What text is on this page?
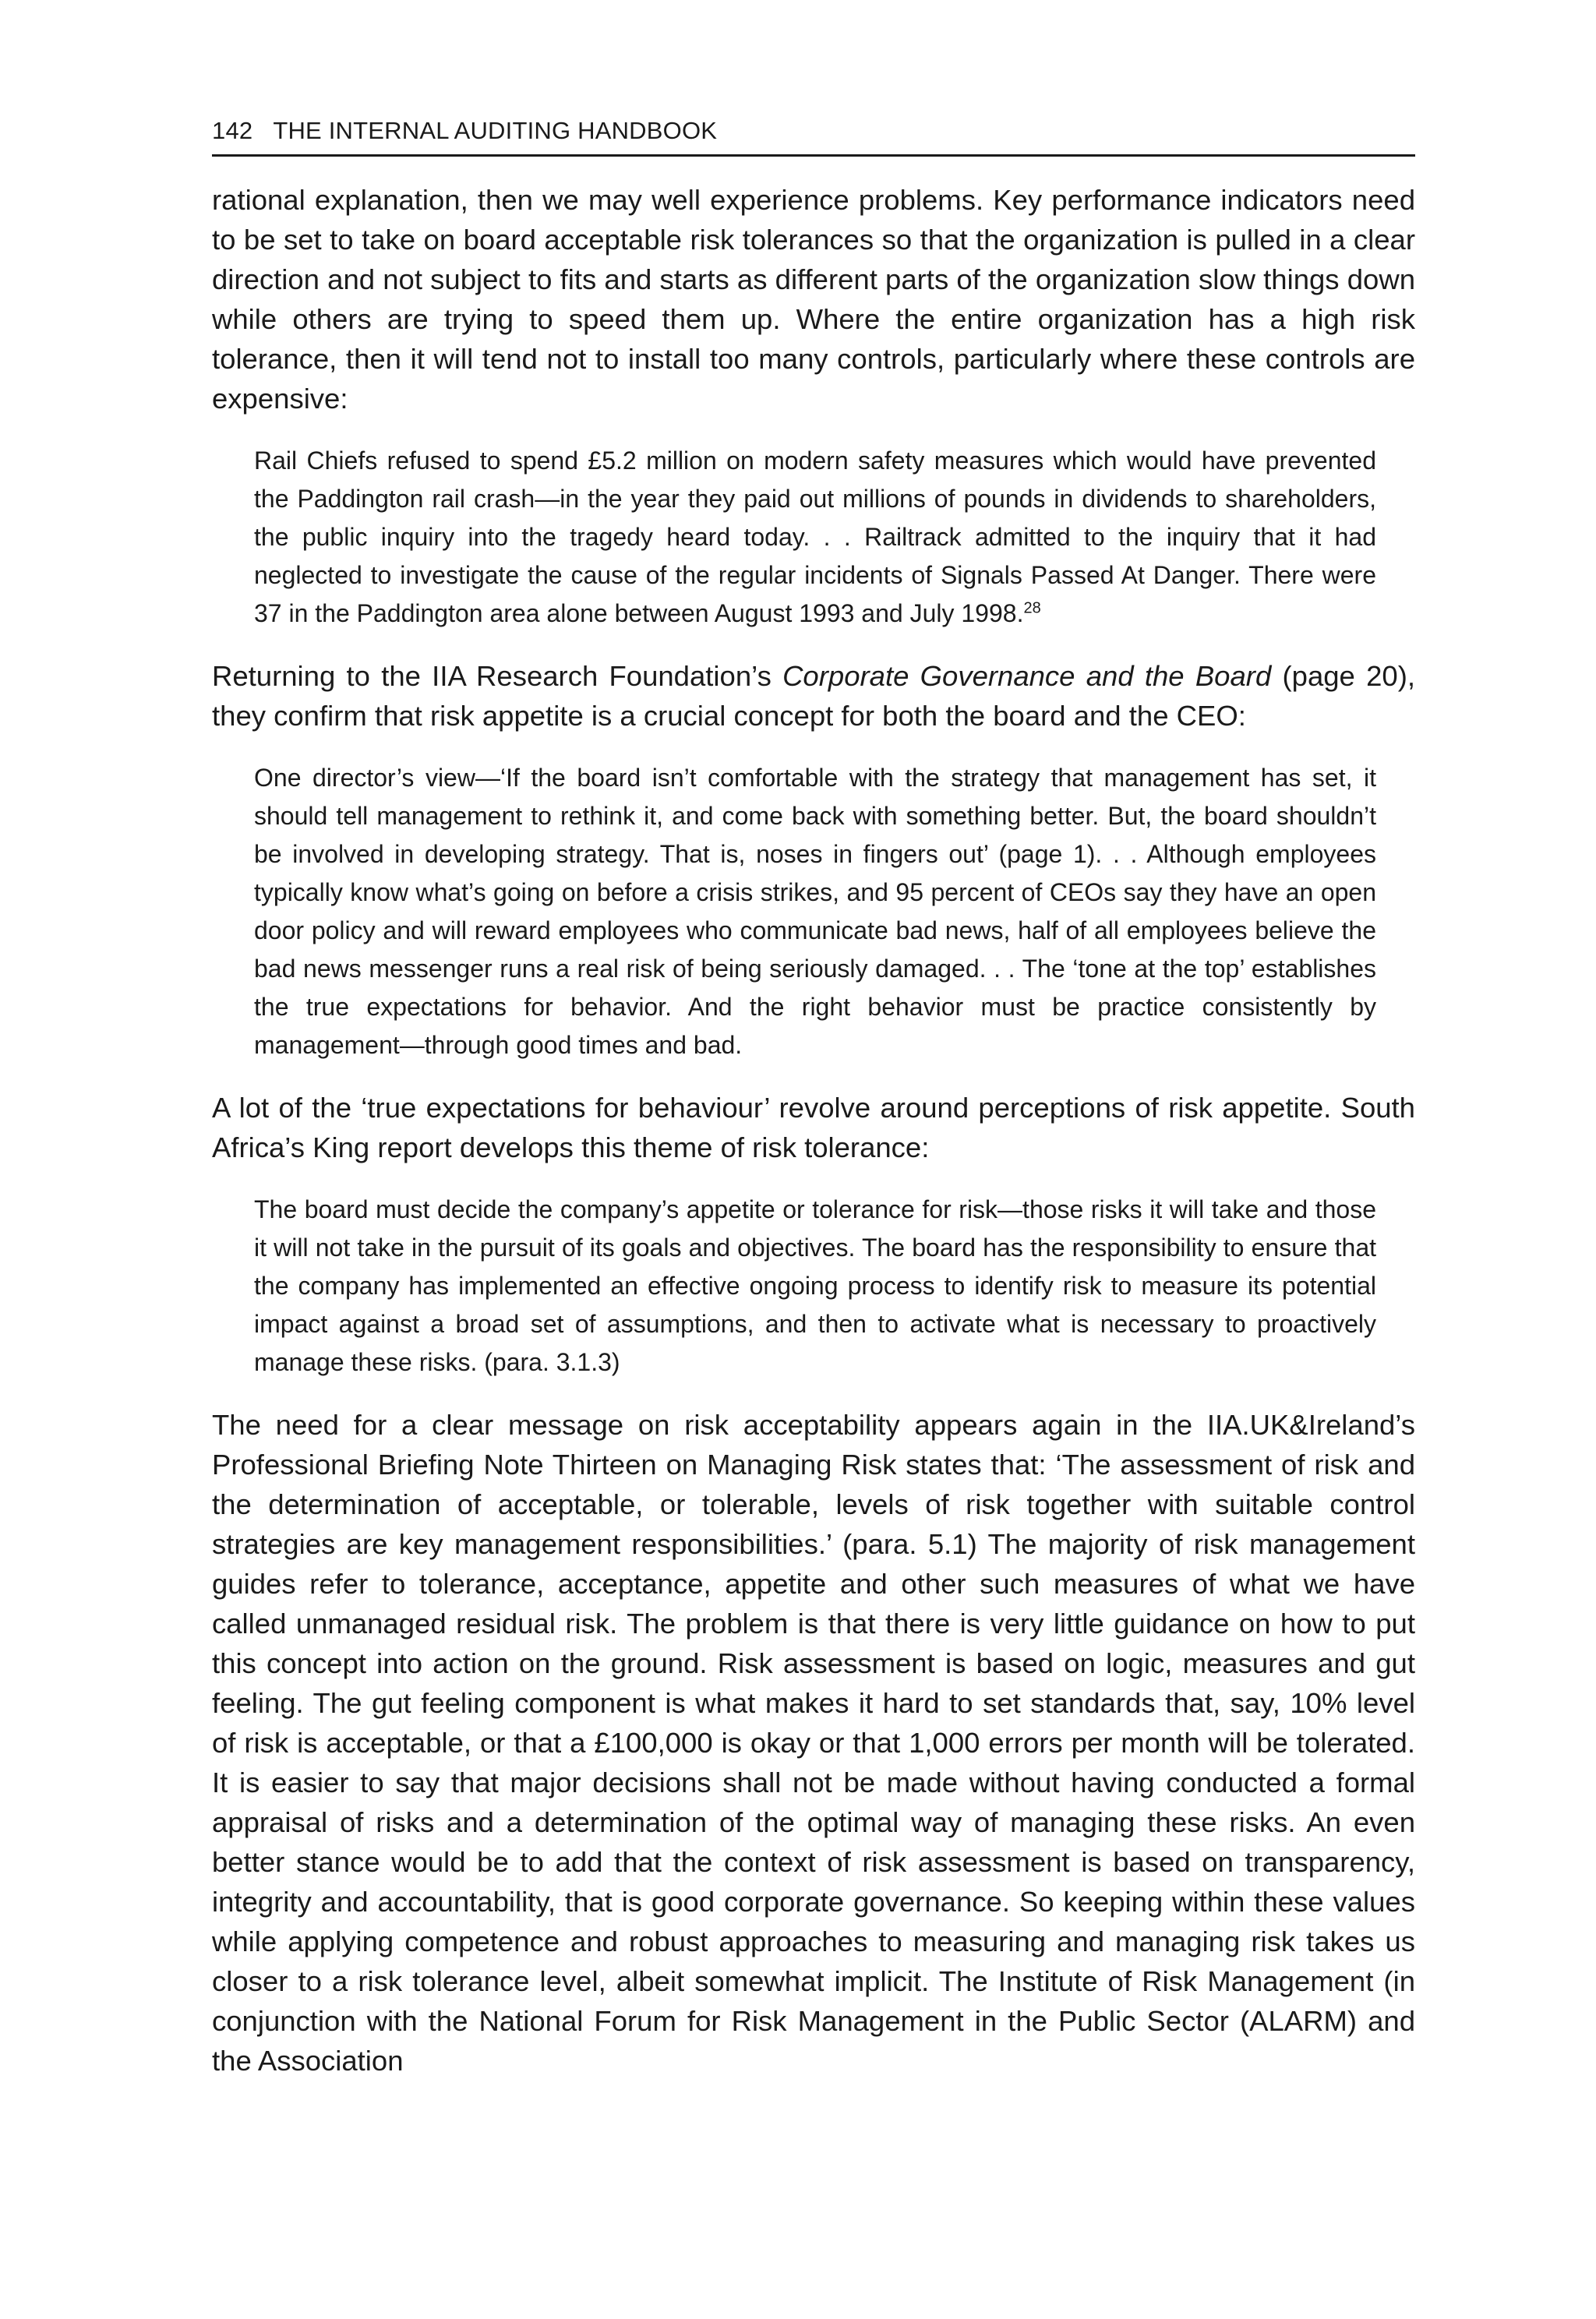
142 THE INTERNAL AUDITING HANDBOOK

rational explanation, then we may well experience problems. Key performance indicators need to be set to take on board acceptable risk tolerances so that the organization is pulled in a clear direction and not subject to fits and starts as different parts of the organization slow things down while others are trying to speed them up. Where the entire organization has a high risk tolerance, then it will tend not to install too many controls, particularly where these controls are expensive:

Rail Chiefs refused to spend £5.2 million on modern safety measures which would have prevented the Paddington rail crash—in the year they paid out millions of pounds in dividends to shareholders, the public inquiry into the tragedy heard today. . . Railtrack admitted to the inquiry that it had neglected to investigate the cause of the regular incidents of Signals Passed At Danger. There were 37 in the Paddington area alone between August 1993 and July 1998.28

Returning to the IIA Research Foundation’s Corporate Governance and the Board (page 20), they confirm that risk appetite is a crucial concept for both the board and the CEO:

One director’s view—‘If the board isn’t comfortable with the strategy that management has set, it should tell management to rethink it, and come back with something better. But, the board shouldn’t be involved in developing strategy. That is, noses in fingers out’ (page 1). . . Although employees typically know what’s going on before a crisis strikes, and 95 percent of CEOs say they have an open door policy and will reward employees who communicate bad news, half of all employees believe the bad news messenger runs a real risk of being seriously damaged. . . The ‘tone at the top’ establishes the true expectations for behavior. And the right behavior must be practice consistently by management—through good times and bad.

A lot of the ‘true expectations for behaviour’ revolve around perceptions of risk appetite. South Africa’s King report develops this theme of risk tolerance:

The board must decide the company’s appetite or tolerance for risk—those risks it will take and those it will not take in the pursuit of its goals and objectives. The board has the responsibility to ensure that the company has implemented an effective ongoing process to identify risk to measure its potential impact against a broad set of assumptions, and then to activate what is necessary to proactively manage these risks. (para. 3.1.3)

The need for a clear message on risk acceptability appears again in the IIA.UK&Ireland’s Professional Briefing Note Thirteen on Managing Risk states that: ‘The assessment of risk and the determination of acceptable, or tolerable, levels of risk together with suitable control strategies are key management responsibilities.’ (para. 5.1) The majority of risk management guides refer to tolerance, acceptance, appetite and other such measures of what we have called unmanaged residual risk. The problem is that there is very little guidance on how to put this concept into action on the ground. Risk assessment is based on logic, measures and gut feeling. The gut feeling component is what makes it hard to set standards that, say, 10% level of risk is acceptable, or that a £100,000 is okay or that 1,000 errors per month will be tolerated. It is easier to say that major decisions shall not be made without having conducted a formal appraisal of risks and a determination of the optimal way of managing these risks. An even better stance would be to add that the context of risk assessment is based on transparency, integrity and accountability, that is good corporate governance. So keeping within these values while applying competence and robust approaches to measuring and managing risk takes us closer to a risk tolerance level, albeit somewhat implicit. The Institute of Risk Management (in conjunction with the National Forum for Risk Management in the Public Sector (ALARM) and the Association
